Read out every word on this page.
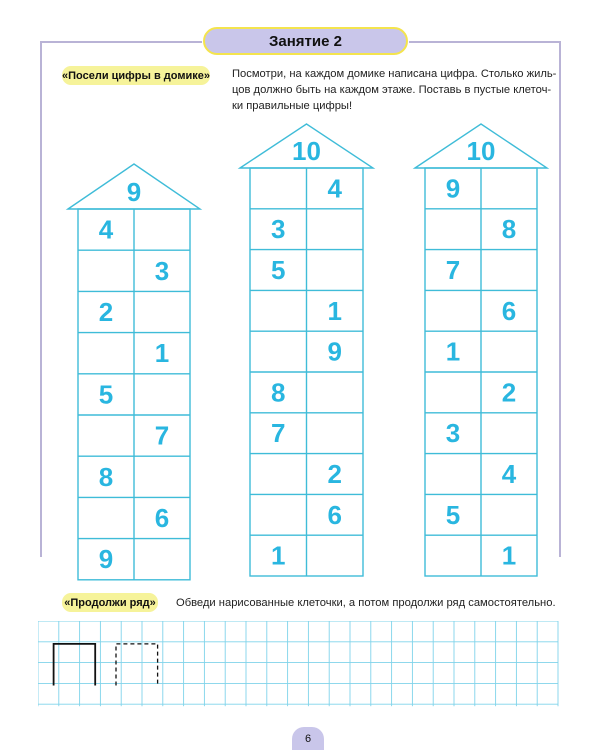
Занятие 2
«Посели цифры в домике» Посмотри, на каждом домике написана цифра. Столько жиль-
цов должно быть на каждом этаже. Поставь в пустые клеточ-
ки правильные цифры!
9
4
3
2
1
5
7
8
6
9
10
4
3
5
1
9
8
7
2
6
1
10
9
8
7
6
1
2
3
4
5
1
«Продолжи ряд» Обведи нарисованные клеточки, а потом продолжи ряд самостоятельно.
6
